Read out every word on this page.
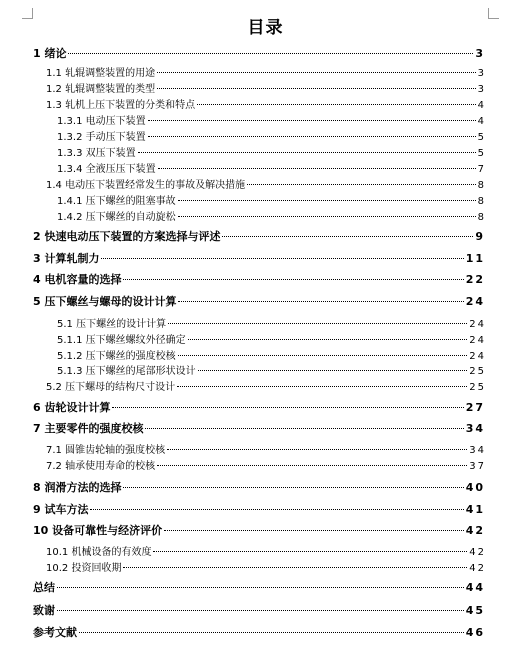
目录
1 绪论	3
1.1 轧辊调整装置的用途	3
1.2 轧辊调整装置的类型	3
1.3 轧机上压下装置的分类和特点	4
1.3.1 电动压下装置	4
1.3.2 手动压下装置	5
1.3.3 双压下装置	5
1.3.4 全液压压下装置	7
1.4 电动压下装置经常发生的事故及解决措施	8
1.4.1 压下螺丝的阻塞事故	8
1.4.2 压下螺丝的自动旋松	8
2 快速电动压下装置的方案选择与评述	9
3 计算轧制力	11
4 电机容量的选择	22
5 压下螺丝与螺母的设计计算	24
5.1 压下螺丝的设计计算	24
5.1.1 压下螺丝螺纹外径确定	24
5.1.2 压下螺丝的强度校核	24
5.1.3 压下螺丝的尾部形状设计	25
5.2 压下螺母的结构尺寸设计	25
6 齿轮设计计算	27
7 主要零件的强度校核	34
7.1 圆锥齿轮轴的强度校核	34
7.2 轴承使用寿命的校核	37
8 润滑方法的选择	40
9 试车方法	41
10 设备可靠性与经济评价	42
10.1 机械设备的有效度	42
10.2 投资回收期	42
总结	44
致谢	45
参考文献	46
